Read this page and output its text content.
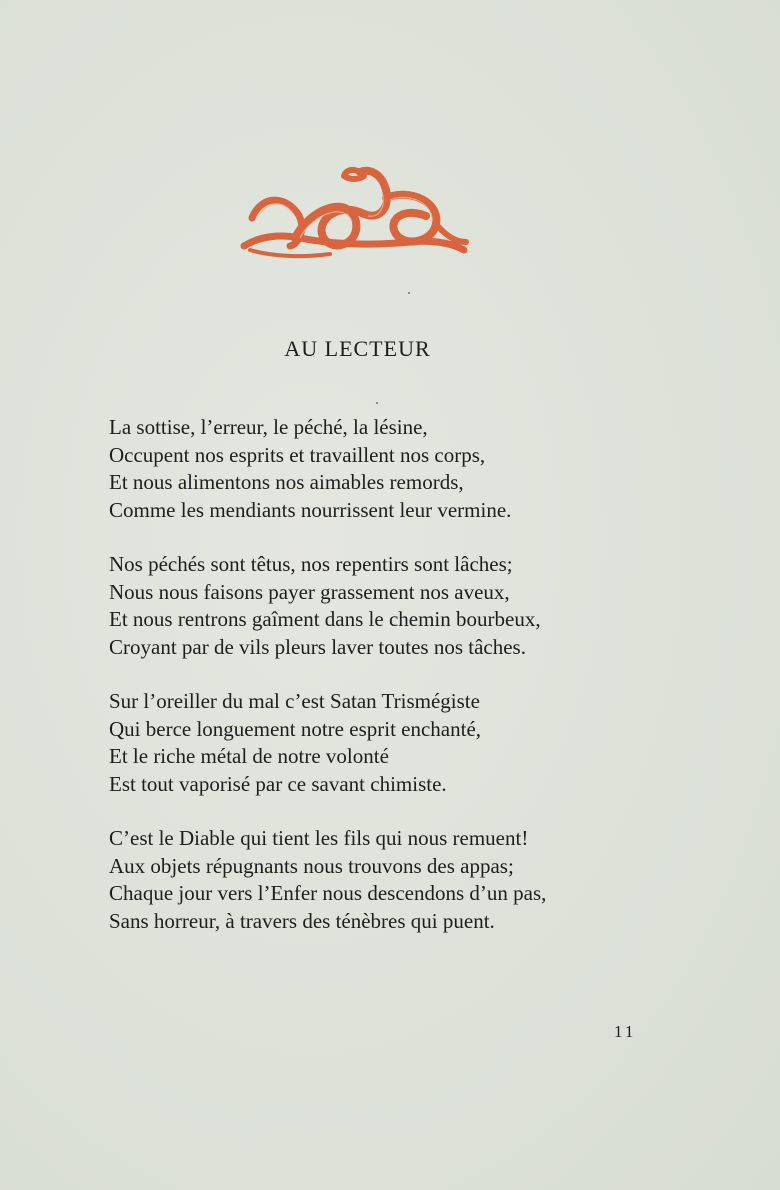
AU LECTEUR
La sottise, l’erreur, le péché, la lésine,
Occupent nos esprits et travaillent nos corps,
Et nous alimentons nos aimables remords,
Comme les mendiants nourrissent leur vermine.
Nos péchés sont têtus, nos repentirs sont lâches;
Nous nous faisons payer grassement nos aveux,
Et nous rentrons gaîment dans le chemin bourbeux,
Croyant par de vils pleurs laver toutes nos tâches.
Sur l’oreiller du mal c’est Satan Trismégiste
Qui berce longuement notre esprit enchanté,
Et le riche métal de notre volonté
Est tout vaporisé par ce savant chimiste.
C’est le Diable qui tient les fils qui nous remuent!
Aux objets répugnants nous trouvons des appas;
Chaque jour vers l’Enfer nous descendons d’un pas,
Sans horreur, à travers des ténèbres qui puent.
11
